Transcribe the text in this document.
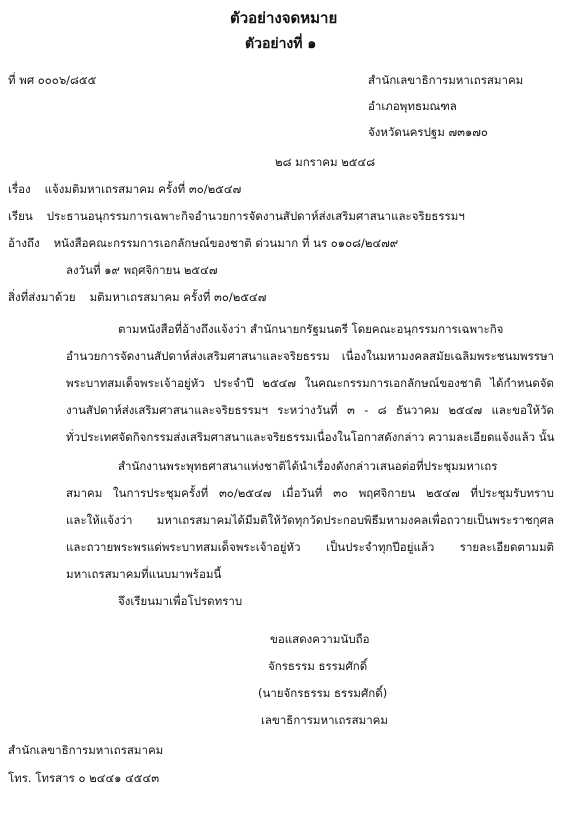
ตัวอย่างจดหมาย
ตัวอย่างที่ ๑
ที่ พศ ๐๐๐๖/๘๕๕	สำนักเลขาธิการมหาเถรสมาคม
อำเภอพุทธมณฑล
จังหวัดนครปฐม ๗๓๑๗๐
๒๘ มกราคม ๒๕๔๘
เรื่อง แจ้งมติมหาเถรสมาคม ครั้งที่ ๓๐/๒๕๔๗
เรียน ประธานอนุกรรมการเฉพาะกิจอำนวยการจัดงานสัปดาห์ส่งเสริมศาสนาและจริยธรรมฯ
อ้างถึง หนังสือคณะกรรมการเอกลักษณ์ของชาติ ด่วนมาก ที่ นร ๐๑๐๘/๒๔๗๙
ลงวันที่ ๑๙ พฤศจิกายน ๒๕๔๗
สิ่งที่ส่งมาด้วย มติมหาเถรสมาคม ครั้งที่ ๓๐/๒๕๔๗
ตามหนังสือที่อ้างถึงแจ้งว่า สำนักนายกรัฐมนตรี โดยคณะอนุกรรมการเฉพาะกิจ
อำนวยการจัดงานสัปดาห์ส่งเสริมศาสนาและจริยธรรม เนื่องในมหามงคลสมัยเฉลิมพระชนมพรรษา
พระบาทสมเด็จพระเจ้าอยู่หัว ประจำปี ๒๕๔๗ ในคณะกรรมการเอกลักษณ์ของชาติ ได้กำหนดจัด
งานสัปดาห์ส่งเสริมศาสนาและจริยธรรมฯ ระหว่างวันที่ ๓ - ๘ ธันวาคม ๒๕๔๗ และขอให้วัด
ทั่วประเทศจัดกิจกรรมส่งเสริมศาสนาและจริยธรรมเนื่องในโอกาสดังกล่าว ความละเอียดแจ้งแล้ว นั้น
สำนักงานพระพุทธศาสนาแห่งชาติได้นำเรื่องดังกล่าวเสนอต่อที่ประชุมมหาเถร
สมาคม ในการประชุมครั้งที่ ๓๐/๒๕๔๗ เมื่อวันที่ ๓๐ พฤศจิกายน ๒๕๔๗ ที่ประชุมรับทราบ
และให้แจ้งว่า มหาเถรสมาคมได้มีมติให้วัดทุกวัดประกอบพิธีมหามงคลเพื่อถวายเป็นพระราชกุศล
และถวายพระพรแด่พระบาทสมเด็จพระเจ้าอยู่หัว เป็นประจำทุกปีอยู่แล้ว รายละเอียดตามมติ
มหาเถรสมาคมที่แนบมาพร้อมนี้
จึงเรียนมาเพื่อโปรดทราบ
ขอแสดงความนับถือ
จักรธรรม ธรรมศักดิ์
(นายจักรธรรม ธรรมศักดิ์)
เลขาธิการมหาเถรสมาคม
สำนักเลขาธิการมหาเถรสมาคม
โทร. โทรสาร ๐ ๒๔๔๑ ๔๕๔๓
